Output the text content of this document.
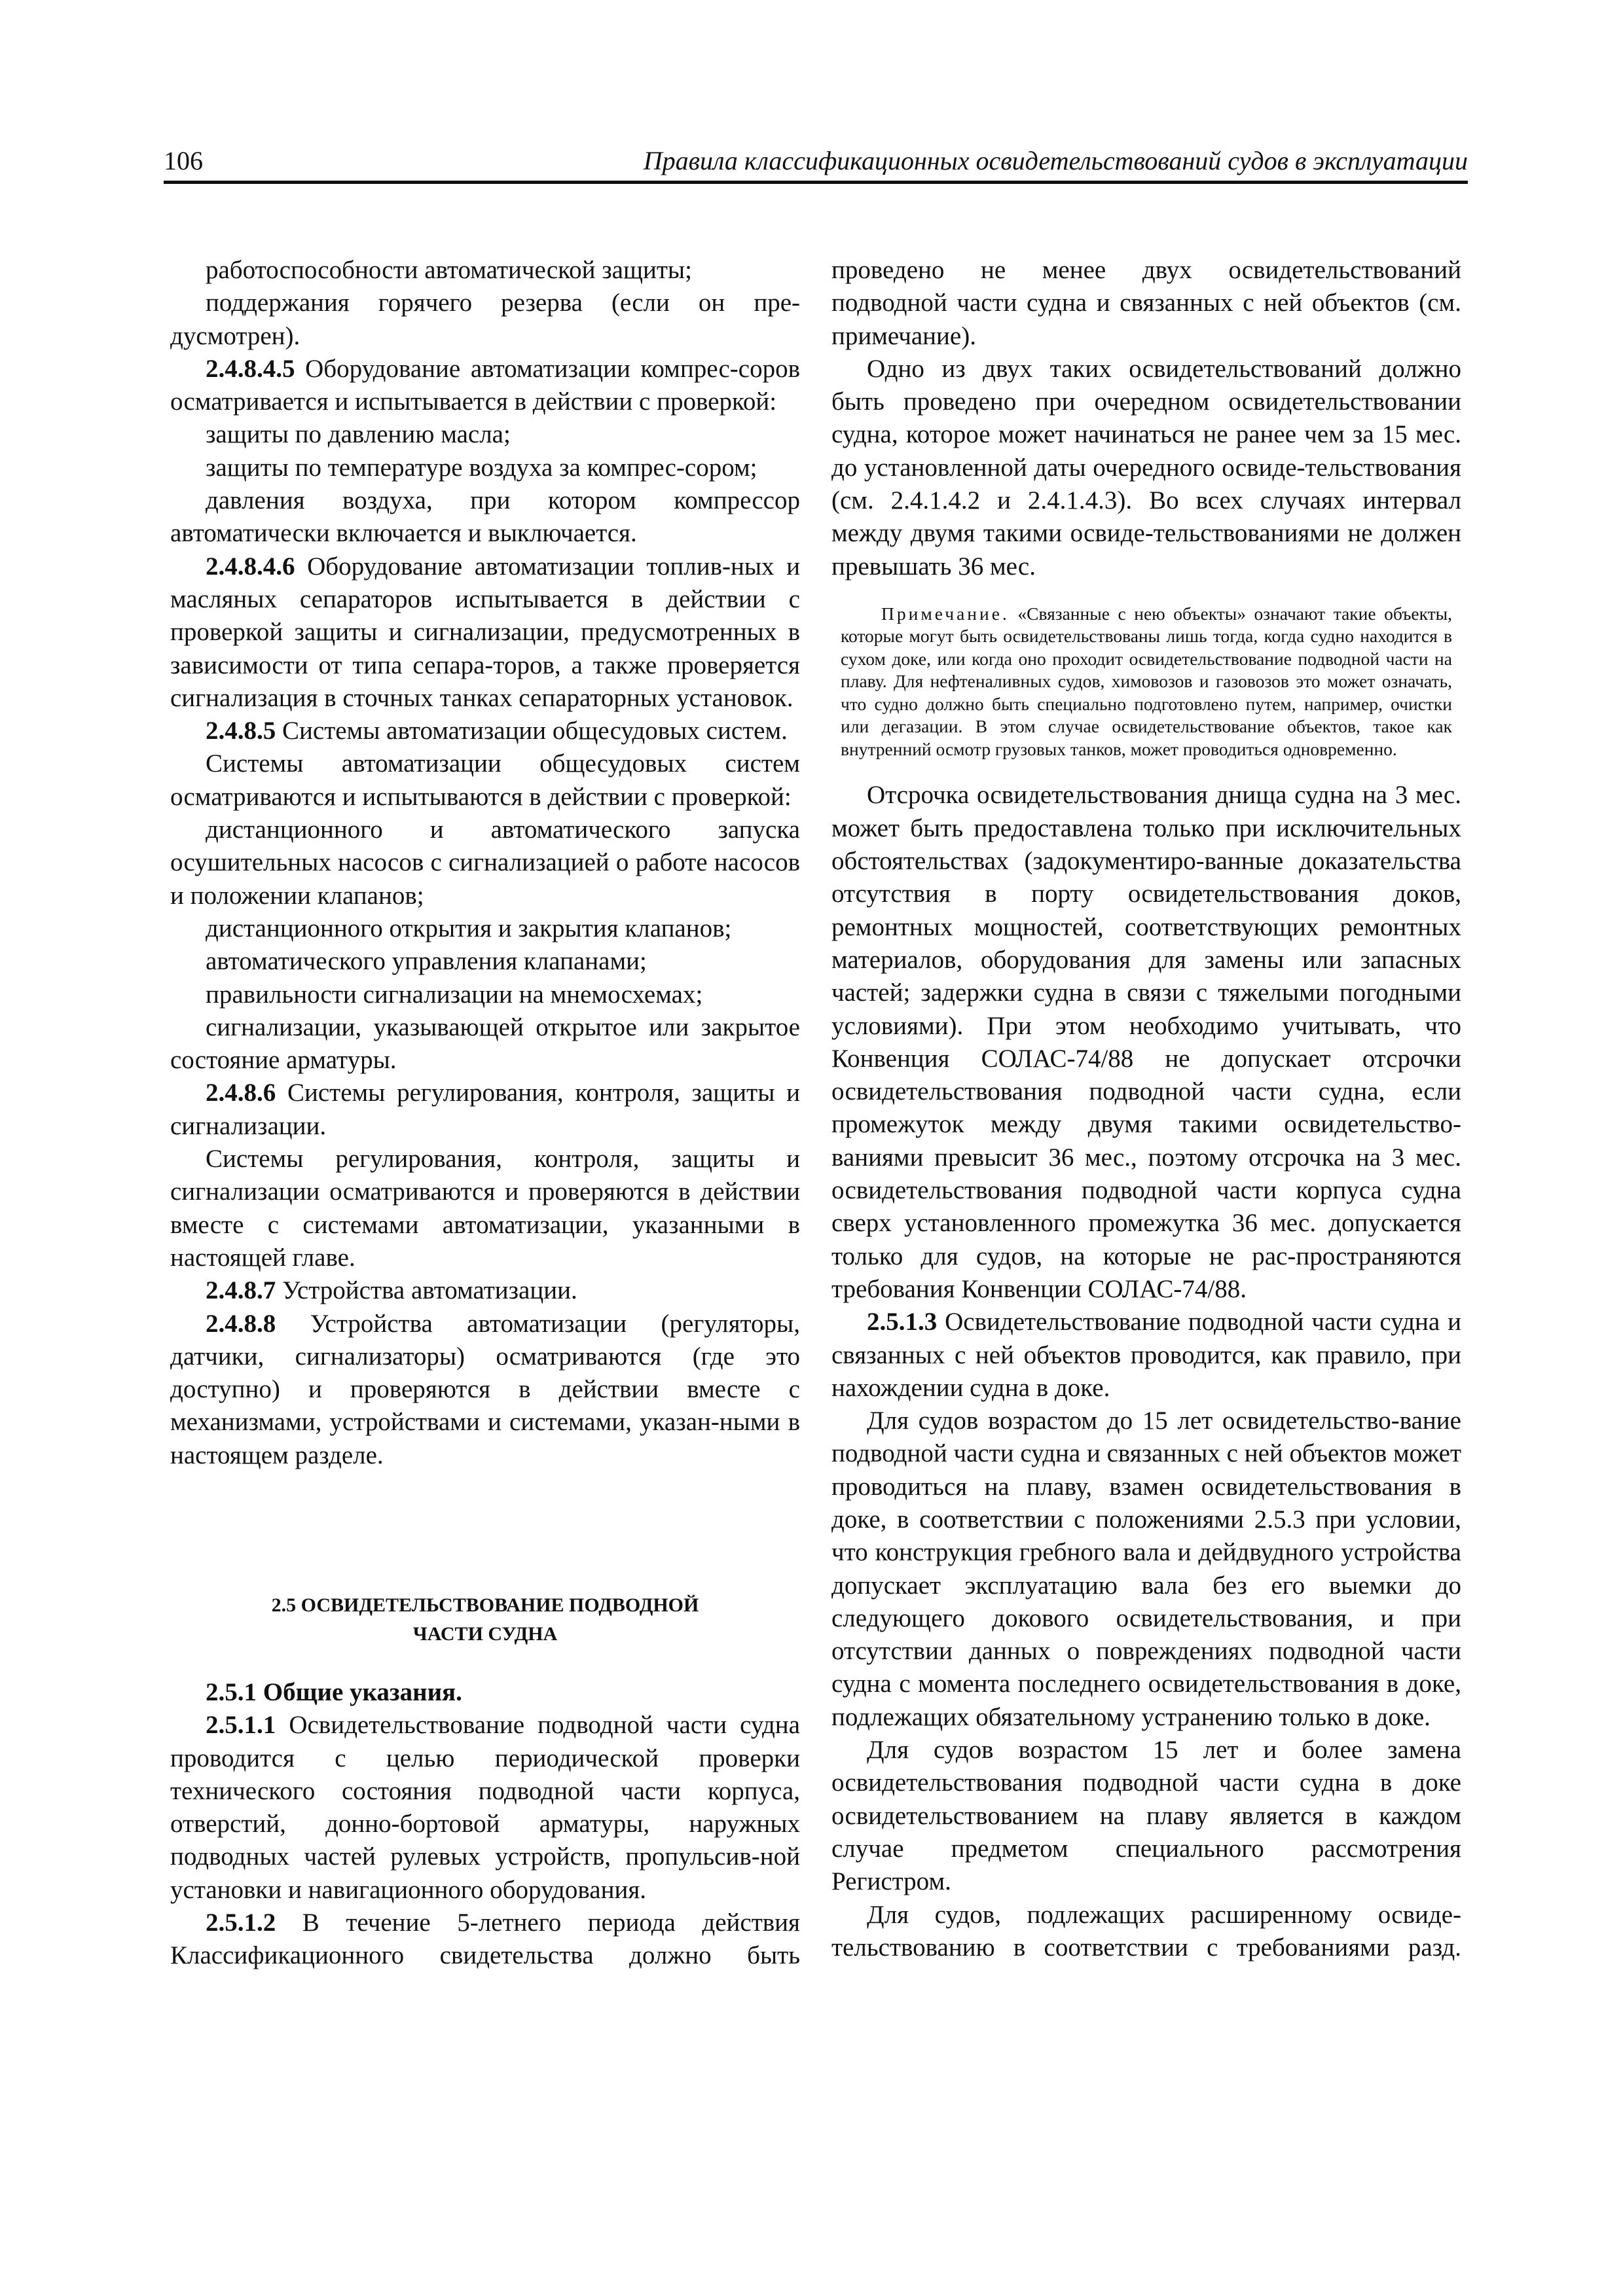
106	Правила классификационных освидетельствований судов в эксплуатации

работоспособности автоматической защиты;

поддержания горячего резерва (если он пре-дусмотрен).

2.4.8.4.5 Оборудование автоматизации компрес-соров осматривается и испытывается в действии с проверкой:

защиты по давлению масла;

защиты по температуре воздуха за компрес-сором;

давления воздуха, при котором компрессор автоматически включается и выключается.

2.4.8.4.6 Оборудование автоматизации топлив-ных и масляных сепараторов испытывается в действии с проверкой защиты и сигнализации, предусмотренных в зависимости от типа сепара-торов, а также проверяется сигнализация в сточных танках сепараторных установок.

2.4.8.5 Системы автоматизации общесудовых систем.

Системы автоматизации общесудовых систем осматриваются и испытываются в действии с проверкой:

дистанционного и автоматического запуска осушительных насосов с сигнализацией о работе насосов и положении клапанов;

дистанционного открытия и закрытия клапанов;

автоматического управления клапанами;

правильности сигнализации на мнемосхемах;

сигнализации, указывающей открытое или закрытое состояние арматуры.

2.4.8.6 Системы регулирования, контроля, защиты и сигнализации.

Системы регулирования, контроля, защиты и сигнализации осматриваются и проверяются в действии вместе с системами автоматизации, указанными в настоящей главе.

2.4.8.7 Устройства автоматизации.

2.4.8.8 Устройства автоматизации (регуляторы, датчики, сигнализаторы) осматриваются (где это доступно) и проверяются в действии вместе с механизмами, устройствами и системами, указан-ными в настоящем разделе.

2.5 ОСВИДЕТЕЛЬСТВОВАНИЕ ПОДВОДНОЙ
ЧАСТИ СУДНА

2.5.1 Общие указания.

2.5.1.1 Освидетельствование подводной части судна проводится с целью периодической проверки технического состояния подводной части корпуса, отверстий, донно-бортовой арматуры, наружных подводных частей рулевых устройств, пропульсив-ной установки и навигационного оборудования.

2.5.1.2 В течение 5-летнего периода действия Классификационного свидетельства должно быть

проведено не менее двух освидетельствований подводной части судна и связанных с ней объектов (см. примечание).

Одно из двух таких освидетельствований должно быть проведено при очередном освидетельствовании судна, которое может начинаться не ранее чем за 15 мес. до установленной даты очередного освиде-тельствования (см. 2.4.1.4.2 и 2.4.1.4.3). Во всех случаях интервал между двумя такими освиде-тельствованиями не должен превышать 36 мес.

Примечание. «Связанные с нею объекты» означают такие объекты, которые могут быть освидетельствованы лишь тогда, когда судно находится в сухом доке, или когда оно проходит освидетельствование подводной части на плаву. Для нефтеналивных судов, химовозов и газовозов это может означать, что судно должно быть специально подготовлено путем, например, очистки или дегазации. В этом случае освидетельствование объектов, такое как внутренний осмотр грузовых танков, может проводиться одновременно.

Отсрочка освидетельствования днища судна на 3 мес. может быть предоставлена только при исключительных обстоятельствах (задокументиро-ванные доказательства отсутствия в порту освидетельствования доков, ремонтных мощностей, соответствующих ремонтных материалов, оборудования для замены или запасных частей; задержки судна в связи с тяжелыми погодными условиями). При этом необходимо учитывать, что Конвенция СОЛАС-74/88 не допускает отсрочки освидетельствования подводной части судна, если промежуток между двумя такими освидетельство-ваниями превысит 36 мес., поэтому отсрочка на 3 мес. освидетельствования подводной части корпуса судна сверх установленного промежутка 36 мес. допускается только для судов, на которые не рас-пространяются требования Конвенции СОЛАС-74/88.

2.5.1.3 Освидетельствование подводной части судна и связанных с ней объектов проводится, как правило, при нахождении судна в доке.

Для судов возрастом до 15 лет освидетельство-вание подводной части судна и связанных с ней объектов может проводиться на плаву, взамен освидетельствования в доке, в соответствии с положениями 2.5.3 при условии, что конструкция гребного вала и дейдвудного устройства допускает эксплуатацию вала без его выемки до следующего докового освидетельствования, и при отсутствии данных о повреждениях подводной части судна с момента последнего освидетельствования в доке, подлежащих обязательному устранению только в доке.

Для судов возрастом 15 лет и более замена освидетельствования подводной части судна в доке освидетельствованием на плаву является в каждом случае предметом специального рассмотрения Регистром.

Для судов, подлежащих расширенному освиде-тельствованию в соответствии с требованиями разд.
